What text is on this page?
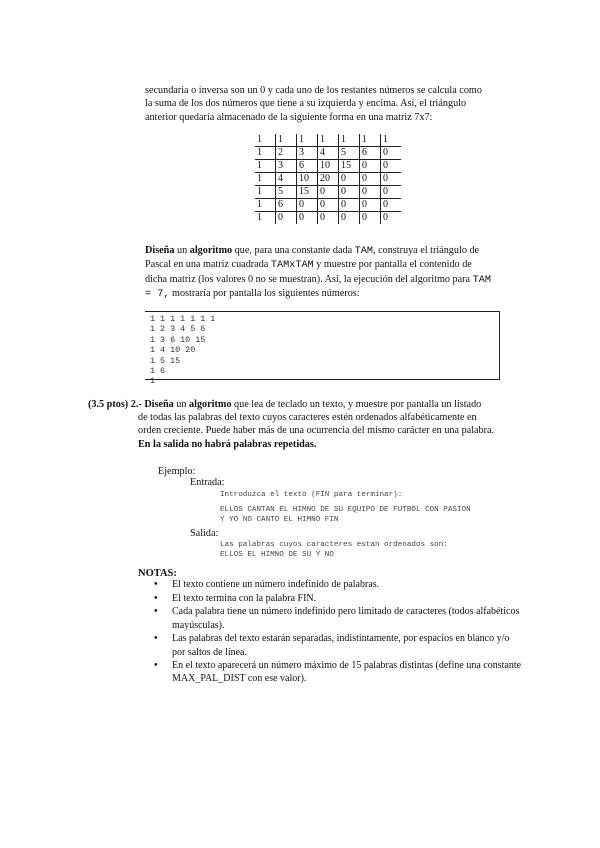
secundaria o inversa son un 0 y cada uno de los restantes números se calcula como
la suma de los dos números que tiene a su izquierda y encima. Así, el triángulo
anterior quedaría almacenado de la siguiente forma en una matriz 7x7:
1	1	1	1	1	1	1
1	2	3	4	5	6	0
1	3	6	10	15	0	0
1	4	10	20	0	0	0
1	5	15	0	0	0	0
1	6	0	0	0	0	0
1	0	0	0	0	0	0
Diseña un algoritmo que, para una constante dada TAM, construya el triángulo de
Pascal en una matriz cuadrada TAMxTAM y muestre por pantalla el contenido de
dicha matriz (los valores 0 no se muestran). Así, la ejecución del algoritmo para TAM
= 7, mostraría por pantalla los siguientes números:
1 1 1 1 1 1 1
1 2 3 4 5 6
1 3 6 10 15
1 4 10 20
1 5 15
1 6
1
(3.5 ptos) 2.- Diseña un algoritmo que lea de teclado un texto, y muestre por pantalla un listado
de todas las palabras del texto cuyos caracteres estén ordenados alfabéticamente en
orden creciente. Puede haber más de una ocurrencia del mismo carácter en una palabra.
En la salida no habrá palabras repetidas.
Ejemplo:
Entrada:
Introduzca el texto (FIN para terminar):
ELLOS CANTAN EL HIMNO DE SU EQUIPO DE FUTBOL CON PASION
Y YO NO CANTO EL HIMNO FIN
Salida:
Las palabras cuyos caracteres estan ordenados son:
ELLOS EL HIMNO DE SU Y NO
NOTAS:
• El texto contiene un número indefinido de palabras.
• El texto termina con la palabra FIN.
• Cada palabra tiene un número indefinido pero limitado de caracteres (todos alfabéticos mayúsculas).
• Las palabras del texto estarán separadas, indistintamente, por espacios en blanco y/o por saltos de línea.
• En el texto aparecerá un número máximo de 15 palabras distintas (define una constante MAX_PAL_DIST con ese valor).
